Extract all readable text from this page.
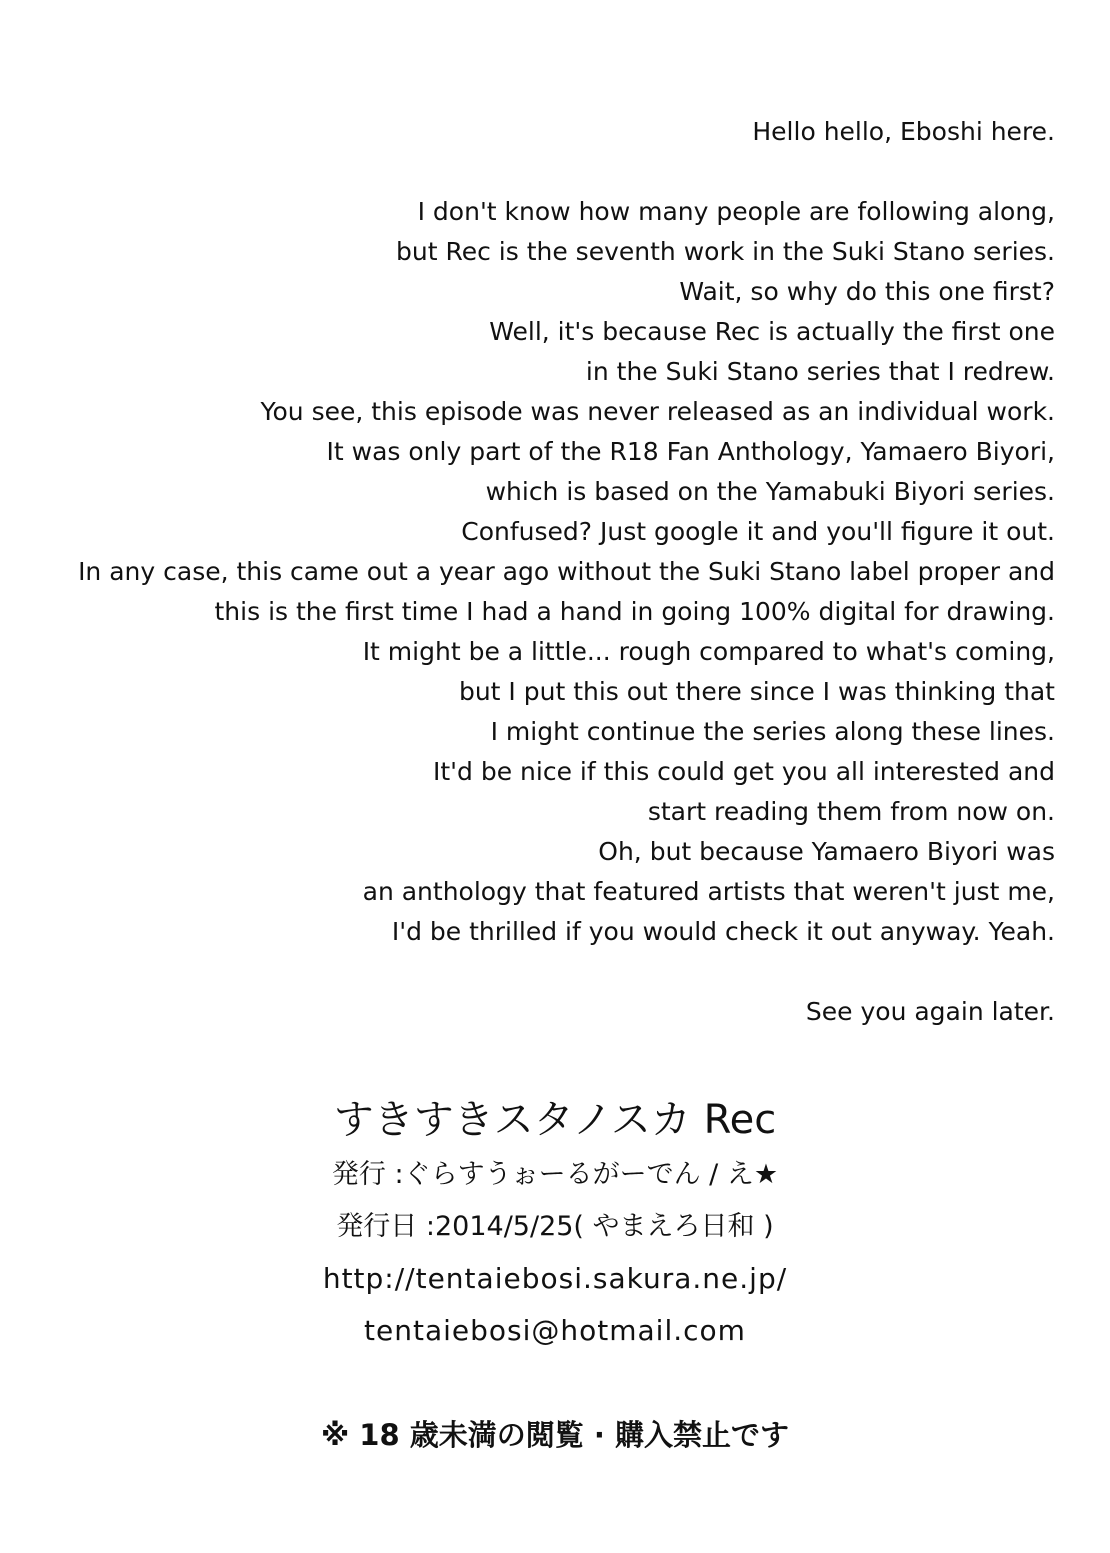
Hello hello, Eboshi here.
I don't know how many people are following along,
but Rec is the seventh work in the Suki Stano series.
Wait, so why do this one first?
Well, it's because Rec is actually the first one
in the Suki Stano series that I redrew.
You see, this episode was never released as an individual work.
It was only part of the R18 Fan Anthology, Yamaero Biyori,
which is based on the Yamabuki Biyori series.
Confused? Just google it and you'll figure it out.
In any case, this came out a year ago without the Suki Stano label proper and
this is the first time I had a hand in going 100% digital for drawing.
It might be a little... rough compared to what's coming,
but I put this out there since I was thinking that
I might continue the series along these lines.
It'd be nice if this could get you all interested and
start reading them from now on.
Oh, but because Yamaero Biyori was
an anthology that featured artists that weren't just me,
I'd be thrilled if you would check it out anyway. Yeah.
See you again later.
すきすきスタノスカ Rec
発行 :ぐらすうぉーるがーでん / え★
発行日 :2014/5/25( やまえろ日和 )
http://tentaiebosi.sakura.ne.jp/
tentaiebosi@hotmail.com
※ 18 歳未満の閲覧 · 購入禁止です
